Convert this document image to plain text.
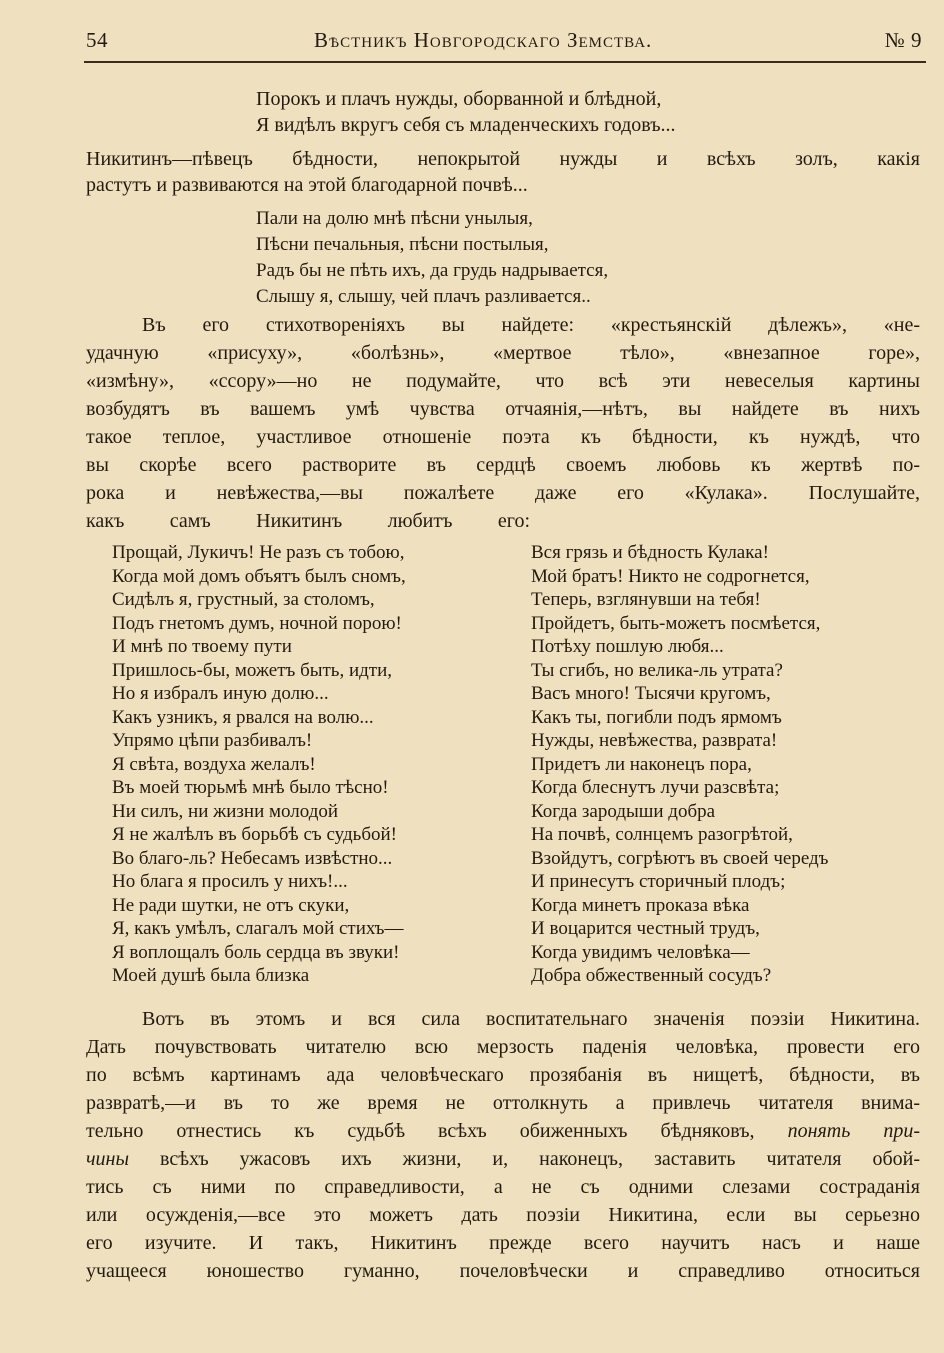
54	Вѣстникъ Новгородскаго Земства.	№ 9
Порокъ и плачъ нужды, оборванной и блѣдной,
Я видѣлъ вкругъ себя съ младенческихъ годовъ...
Никитинъ—пѣвецъ бѣдности, непокрытой нужды и всѣхъ золъ, какія
растутъ и развиваются на этой благодарной почвѣ...
Пали на долю мнѣ пѣсни унылыя,
Пѣсни печальныя, пѣсни постылыя,
Радъ бы не пѣть ихъ, да грудь надрывается,
Слышу я, слышу, чей плачъ разливается..
Въ его стихотвореніяхъ вы найдете: «крестьянскій дѣлежъ», «не-
удачную «присуху», «болѣзнь», «мертвое тѣло», «внезапное горе»,
«измѣну», «ссору»—но не подумайте, что всѣ эти невеселыя картины
возбудятъ въ вашемъ умѣ чувства отчаянія,—нѣтъ, вы найдете въ нихъ
такое теплое, участливое отношеніе поэта къ бѣдности, къ нуждѣ, что
вы скорѣе всего растворите въ сердцѣ своемъ любовь къ жертвѣ по-
рока и невѣжества,—вы пожалѣете даже его «Кулака». Послушайте,
какъ самъ Никитинъ любитъ его:
Прощай, Лукичъ! Не разъ съ тобою,
Когда мой домъ объятъ былъ сномъ,
Сидѣлъ я, грустный, за столомъ,
Подъ гнетомъ думъ, ночной порою!
И мнѣ по твоему пути
Пришлось-бы, можетъ быть, идти,
Но я избралъ иную долю...
Какъ узникъ, я рвался на волю...
Упрямо цѣпи разбивалъ!
Я свѣта, воздуха желалъ!
Въ моей тюрьмѣ мнѣ было тѣсно!
Ни силъ, ни жизни молодой
Я не жалѣлъ въ борьбѣ съ судьбой!
Во благо-ль? Небесамъ извѣстно...
Но блага я просилъ у нихъ!...
Не ради шутки, не отъ скуки,
Я, какъ умѣлъ, слагалъ мой стихъ—
Я воплощалъ боль сердца въ звуки!
Моей душѣ была близка
Вся грязь и бѣдность Кулака!
Мой братъ! Никто не содрогнется,
Теперь, взглянувши на тебя!
Пройдетъ, быть-можетъ посмѣется,
Потѣху пошлую любя...
Ты сгибъ, но велика-ль утрата?
Васъ много! Тысячи кругомъ,
Какъ ты, погибли подъ ярмомъ
Нужды, невѣжества, разврата!
Придетъ ли наконецъ пора,
Когда блеснутъ лучи разсвѣта;
Когда зародыши добра
На почвѣ, солнцемъ разогрѣтой,
Взойдутъ, согрѣютъ въ своей чередъ
И принесутъ сторичный плодъ;
Когда минетъ проказа вѣка
И воцарится честный трудъ,
Когда увидимъ человѣка—
Добра обжественный сосудъ?
Вотъ въ этомъ и вся сила воспитательнаго значенія поэзіи Никитина.
Дать почувствовать читателю всю мерзость паденія человѣка, провести его
по всѣмъ картинамъ ада человѣческаго прозябанія въ нищетѣ, бѣдности, въ
развратѣ,—и въ то же время не оттолкнуть а привлечь читателя внима-
тельно отнестись къ судьбѣ всѣхъ обиженныхъ бѣдняковъ, понять при-
чины всѣхъ ужасовъ ихъ жизни, и, наконецъ, заставить читателя обой-
тись съ ними по справедливости, а не съ одними слезами состраданія
или осужденія,—все это можетъ дать поэзіи Никитина, если вы серьезно
его изучите. И такъ, Никитинъ прежде всего научитъ насъ и наше
учащееся юношество гуманно, почеловѣчески и справедливо относиться
